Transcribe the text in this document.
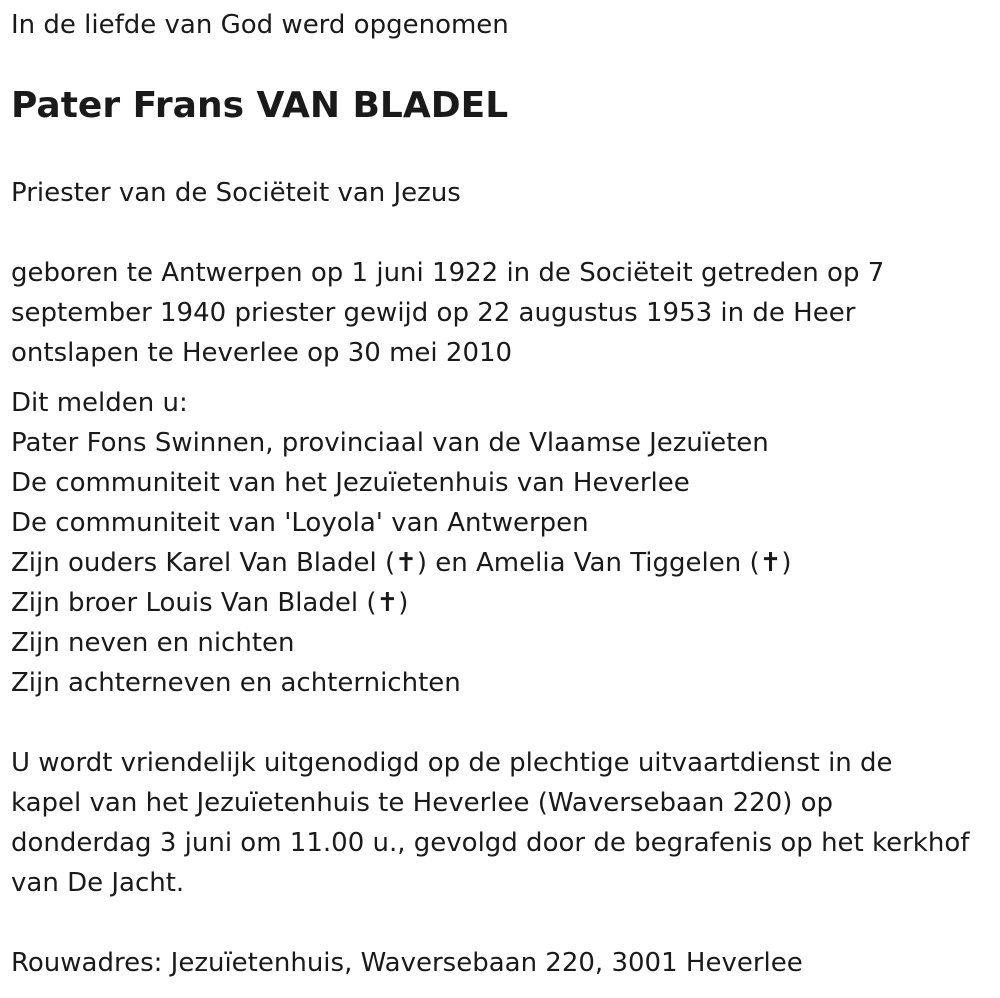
In de liefde van God werd opgenomen

Pater Frans VAN BLADEL

Priester van de Sociëteit van Jezus

geboren te Antwerpen op 1 juni 1922 in de Sociëteit getreden op 7

september 1940 priester gewijd op 22 augustus 1953 in de Heer

ontslapen te Heverlee op 30 mei 2010

Dit melden u:

Pater Fons Swinnen, provinciaal van de Vlaamse Jezuïeten

De communiteit van het Jezuïetenhuis van Heverlee

De communiteit van 'Loyola' van Antwerpen

Zijn ouders Karel Van Bladel (✝) en Amelia Van Tiggelen (✝)

Zijn broer Louis Van Bladel (✝)

Zijn neven en nichten

Zijn achterneven en achternichten

U wordt vriendelijk uitgenodigd op de plechtige uitvaartdienst in de

kapel van het Jezuïetenhuis te Heverlee (Waversebaan 220) op

donderdag 3 juni om 11.00 u., gevolgd door de begrafenis op het kerkhof

van De Jacht.

Rouwadres: Jezuïetenhuis, Waversebaan 220, 3001 Heverlee
